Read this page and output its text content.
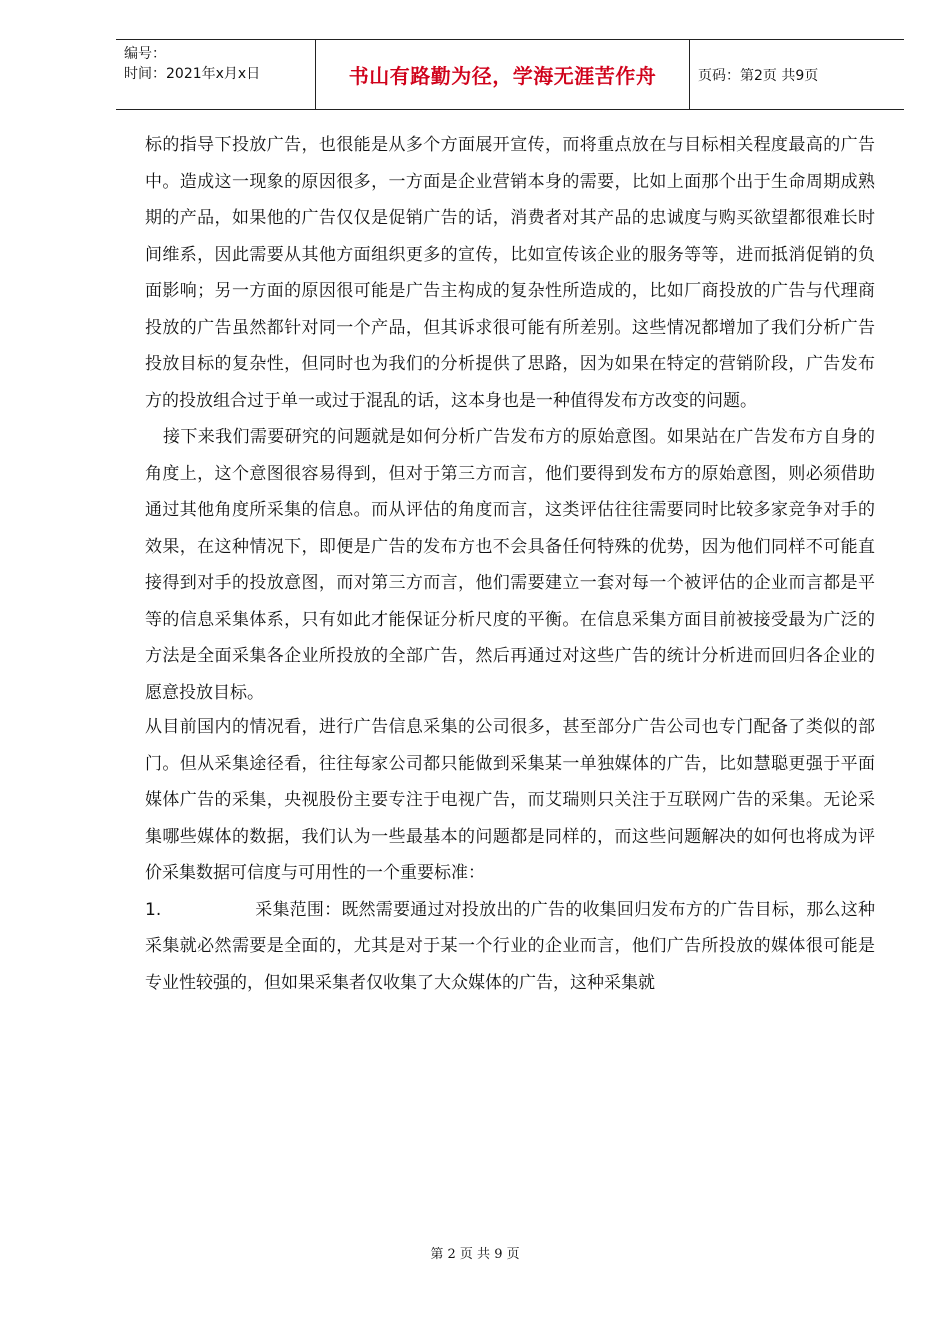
编号：
时间：2021年x月x日	书山有路勤为径，学海无涯苦作舟	页码：第2页 共9页

标的指导下投放广告，也很能是从多个方面展开宣传，而将重点放在与目标相关程度最高的广告中。造成这一现象的原因很多，一方面是企业营销本身的需要，比如上面那个出于生命周期成熟期的产品，如果他的广告仅仅是促销广告的话，消费者对其产品的忠诚度与购买欲望都很难长时间维系，因此需要从其他方面组织更多的宣传，比如宣传该企业的服务等等，进而抵消促销的负面影响；另一方面的原因很可能是广告主构成的复杂性所造成的，比如厂商投放的广告与代理商投放的广告虽然都针对同一个产品，但其诉求很可能有所差别。这些情况都增加了我们分析广告投放目标的复杂性，但同时也为我们的分析提供了思路，因为如果在特定的营销阶段，广告发布方的投放组合过于单一或过于混乱的话，这本身也是一种值得发布方改变的问题。

接下来我们需要研究的问题就是如何分析广告发布方的原始意图。如果站在广告发布方自身的角度上，这个意图很容易得到，但对于第三方而言，他们要得到发布方的原始意图，则必须借助通过其他角度所采集的信息。而从评估的角度而言，这类评估往往需要同时比较多家竞争对手的效果，在这种情况下，即便是广告的发布方也不会具备任何特殊的优势，因为他们同样不可能直接得到对手的投放意图，而对第三方而言，他们需要建立一套对每一个被评估的企业而言都是平等的信息采集体系，只有如此才能保证分析尺度的平衡。在信息采集方面目前被接受最为广泛的方法是全面采集各企业所投放的全部广告，然后再通过对这些广告的统计分析进而回归各企业的愿意投放目标。

从目前国内的情况看，进行广告信息采集的公司很多，甚至部分广告公司也专门配备了类似的部门。但从采集途径看，往往每家公司都只能做到采集某一单独媒体的广告，比如慧聪更强于平面媒体广告的采集，央视股份主要专注于电视广告，而艾瑞则只关注于互联网广告的采集。无论采集哪些媒体的数据，我们认为一些最基本的问题都是同样的，而这些问题解决的如何也将成为评价采集数据可信度与可用性的一个重要标准：

1.	采集范围：既然需要通过对投放出的广告的收集回归发布方的广告目标，那么这种采集就必然需要是全面的，尤其是对于某一个行业的企业而言，他们广告所投放的媒体很可能是专业性较强的，但如果采集者仅收集了大众媒体的广告，这种采集就

第 2 页 共 9 页
